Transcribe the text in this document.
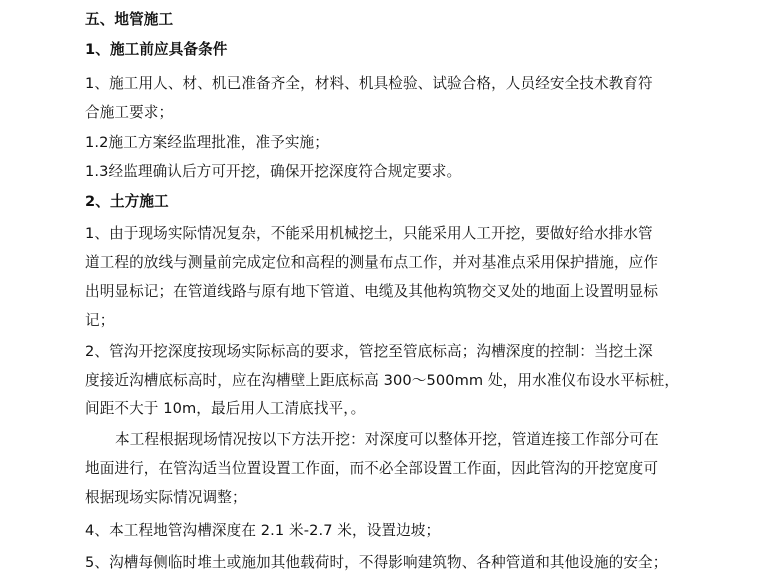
五、地管施工
1、施工前应具备条件
1、施工用人、材、机已准备齐全，材料、机具检验、试验合格，人员经安全技术教育符
合施工要求；
1.2施工方案经监理批准，准予实施；
1.3经监理确认后方可开挖，确保开挖深度符合规定要求。
2、土方施工
1、由于现场实际情况复杂，不能采用机械挖土，只能采用人工开挖，要做好给水排水管
道工程的放线与测量前完成定位和高程的测量布点工作，并对基准点采用保护措施，应作
出明显标记；在管道线路与原有地下管道、电缆及其他构筑物交叉处的地面上设置明显标
记；
2、管沟开挖深度按现场实际标高的要求，管挖至管底标高；沟槽深度的控制：当挖土深
度接近沟槽底标高时，应在沟槽壁上距底标高 300～500mm 处，用水准仪布设水平标桩，
间距不大于 10m，最后用人工清底找平，。
本工程根据现场情况按以下方法开挖：对深度可以整体开挖，管道连接工作部分可在
地面进行，在管沟适当位置设置工作面，而不必全部设置工作面，因此管沟的开挖宽度可
根据现场实际情况调整；
4、本工程地管沟槽深度在 2.1 米-2.7 米，设置边坡；
5、沟槽每侧临时堆土或施加其他载荷时，不得影响建筑物、各种管道和其他设施的安全；
